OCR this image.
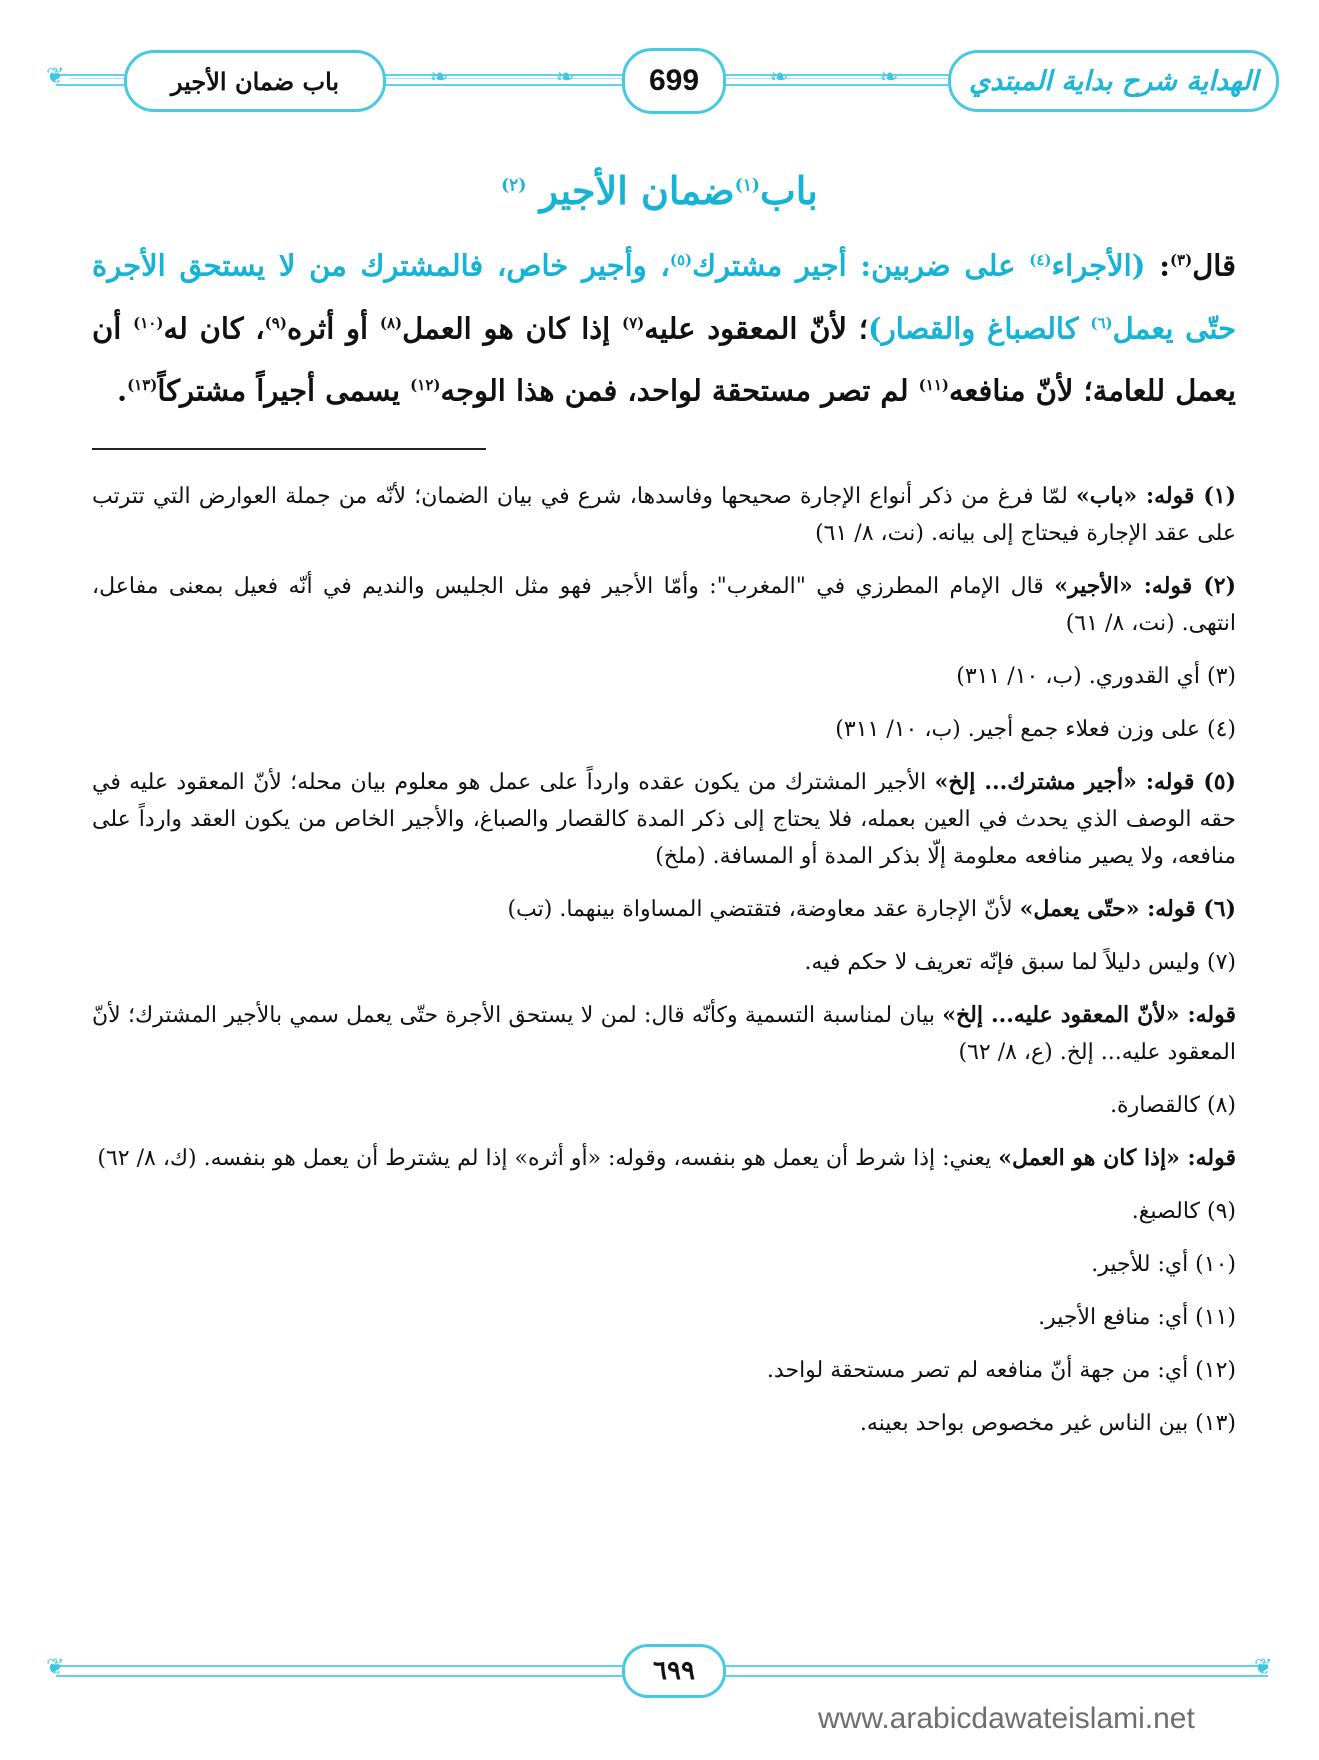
❦	❧	❧	❧	❧	الهداية شرح بداية المبتدي
699
باب ضمان الأجير
باب$^{(١)}$ضمان الأجير $^{(٢)}$
قال$^{(٣)}$: (الأجراء$^{(٤)}$ على ضربين: أجير مشترك$^{(٥)}$، وأجير خاص، فالمشترك من لا يستحق الأجرة حتّى يعمل$^{(٦)}$ كالصباغ والقصار)؛ لأنّ المعقود عليه$^{(٧)}$ إذا كان هو العمل$^{(٨)}$ أو أثره$^{(٩)}$، كان له$^{(١٠)}$ أن يعمل للعامة؛ لأنّ منافعه$^{(١١)}$ لم تصر مستحقة لواحد، فمن هذا الوجه$^{(١٢)}$ يسمى أجيراً مشتركاً$^{(١٣)}$.

(١) قوله: «باب» لمّا فرغ من ذكر أنواع الإجارة صحيحها وفاسدها، شرع في بيان الضمان؛ لأنّه من جملة العوارض التي تترتب على عقد الإجارة فيحتاج إلى بيانه. (نت، ٨/ ٦١)

(٢) قوله: «الأجير» قال الإمام المطرزي في "المغرب": وأمّا الأجير فهو مثل الجليس والنديم في أنّه فعيل بمعنى مفاعل، انتهى. (نت، ٨/ ٦١)

(٣) أي القدوري. (ب، ١٠/ ٣١١)

(٤) على وزن فعلاء جمع أجير. (ب، ١٠/ ٣١١)

(٥) قوله: «أجير مشترك... إلخ» الأجير المشترك من يكون عقده وارداً على عمل هو معلوم بيان محله؛ لأنّ المعقود عليه في حقه الوصف الذي يحدث في العين بعمله، فلا يحتاج إلى ذكر المدة كالقصار والصباغ، والأجير الخاص من يكون العقد وارداً على منافعه، ولا يصير منافعه معلومة إلّا بذكر المدة أو المسافة. (ملخ)

(٦) قوله: «حتّى يعمل» لأنّ الإجارة عقد معاوضة، فتقتضي المساواة بينهما. (تب)

(٧) وليس دليلاً لما سبق فإنّه تعريف لا حكم فيه.

قوله: «لأنّ المعقود عليه... إلخ» بيان لمناسبة التسمية وكأنّه قال: لمن لا يستحق الأجرة حتّى يعمل سمي بالأجير المشترك؛ لأنّ المعقود عليه... إلخ. (ع، ٨/ ٦٢)

(٨) كالقصارة.

قوله: «إذا كان هو العمل» يعني: إذا شرط أن يعمل هو بنفسه، وقوله: «أو أثره» إذا لم يشترط أن يعمل هو بنفسه. (ك، ٨/ ٦٢)

(٩) كالصبغ.

(١٠) أي: للأجير.

(١١) أي: منافع الأجير.

(١٢) أي: من جهة أنّ منافعه لم تصر مستحقة لواحد.

(١٣) بين الناس غير مخصوص بواحد بعينه.

❦	❦
٦٩٩
www.arabicdawateislami.net
